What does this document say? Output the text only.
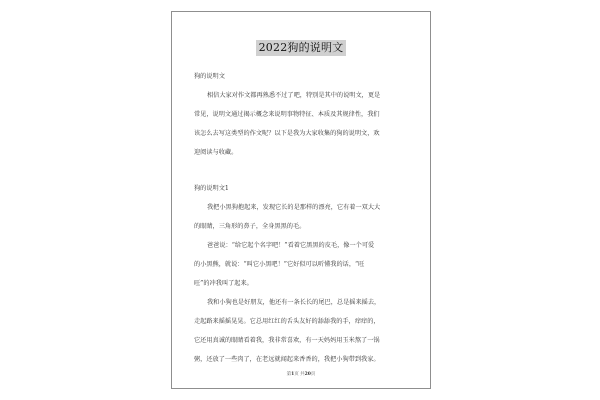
2022狗的说明文
狗的说明文
相信大家对作文都再熟悉不过了吧，特别是其中的说明文，更是
常见，说明文通过揭示概念来说明事物特征、本质及其规律性，我们
该怎么去写这类型的作文呢？以下是我为大家收集的狗的说明文，欢
迎阅读与收藏。
狗的说明文1
我把小黑狗抱起来，发现它长的是那样的漂亮，它有着一双大大
的眼睛，三角形的鼻子，全身黑黑的毛。
爸爸说：“给它起个名字吧！”看着它黑黑的皮毛，像一个可爱
的小黑熊，就说：“叫它小黑吧！”它好似可以听懂我的话，“旺
旺”的冲我叫了起来。
我和小狗也是好朋友，他还有一条长长的尾巴，总是摇来摇去，
走起路来摇摇晃晃。它总用红红的舌头友好的舔舔我的手，痒痒的，
它还用真诚的眼睛看着我，我非常喜欢，有一天妈妈用玉米熬了一锅
粥，还放了一些肉了，在老远就闻起来香香的，我把小狗带到我家。
第1页 共20页
